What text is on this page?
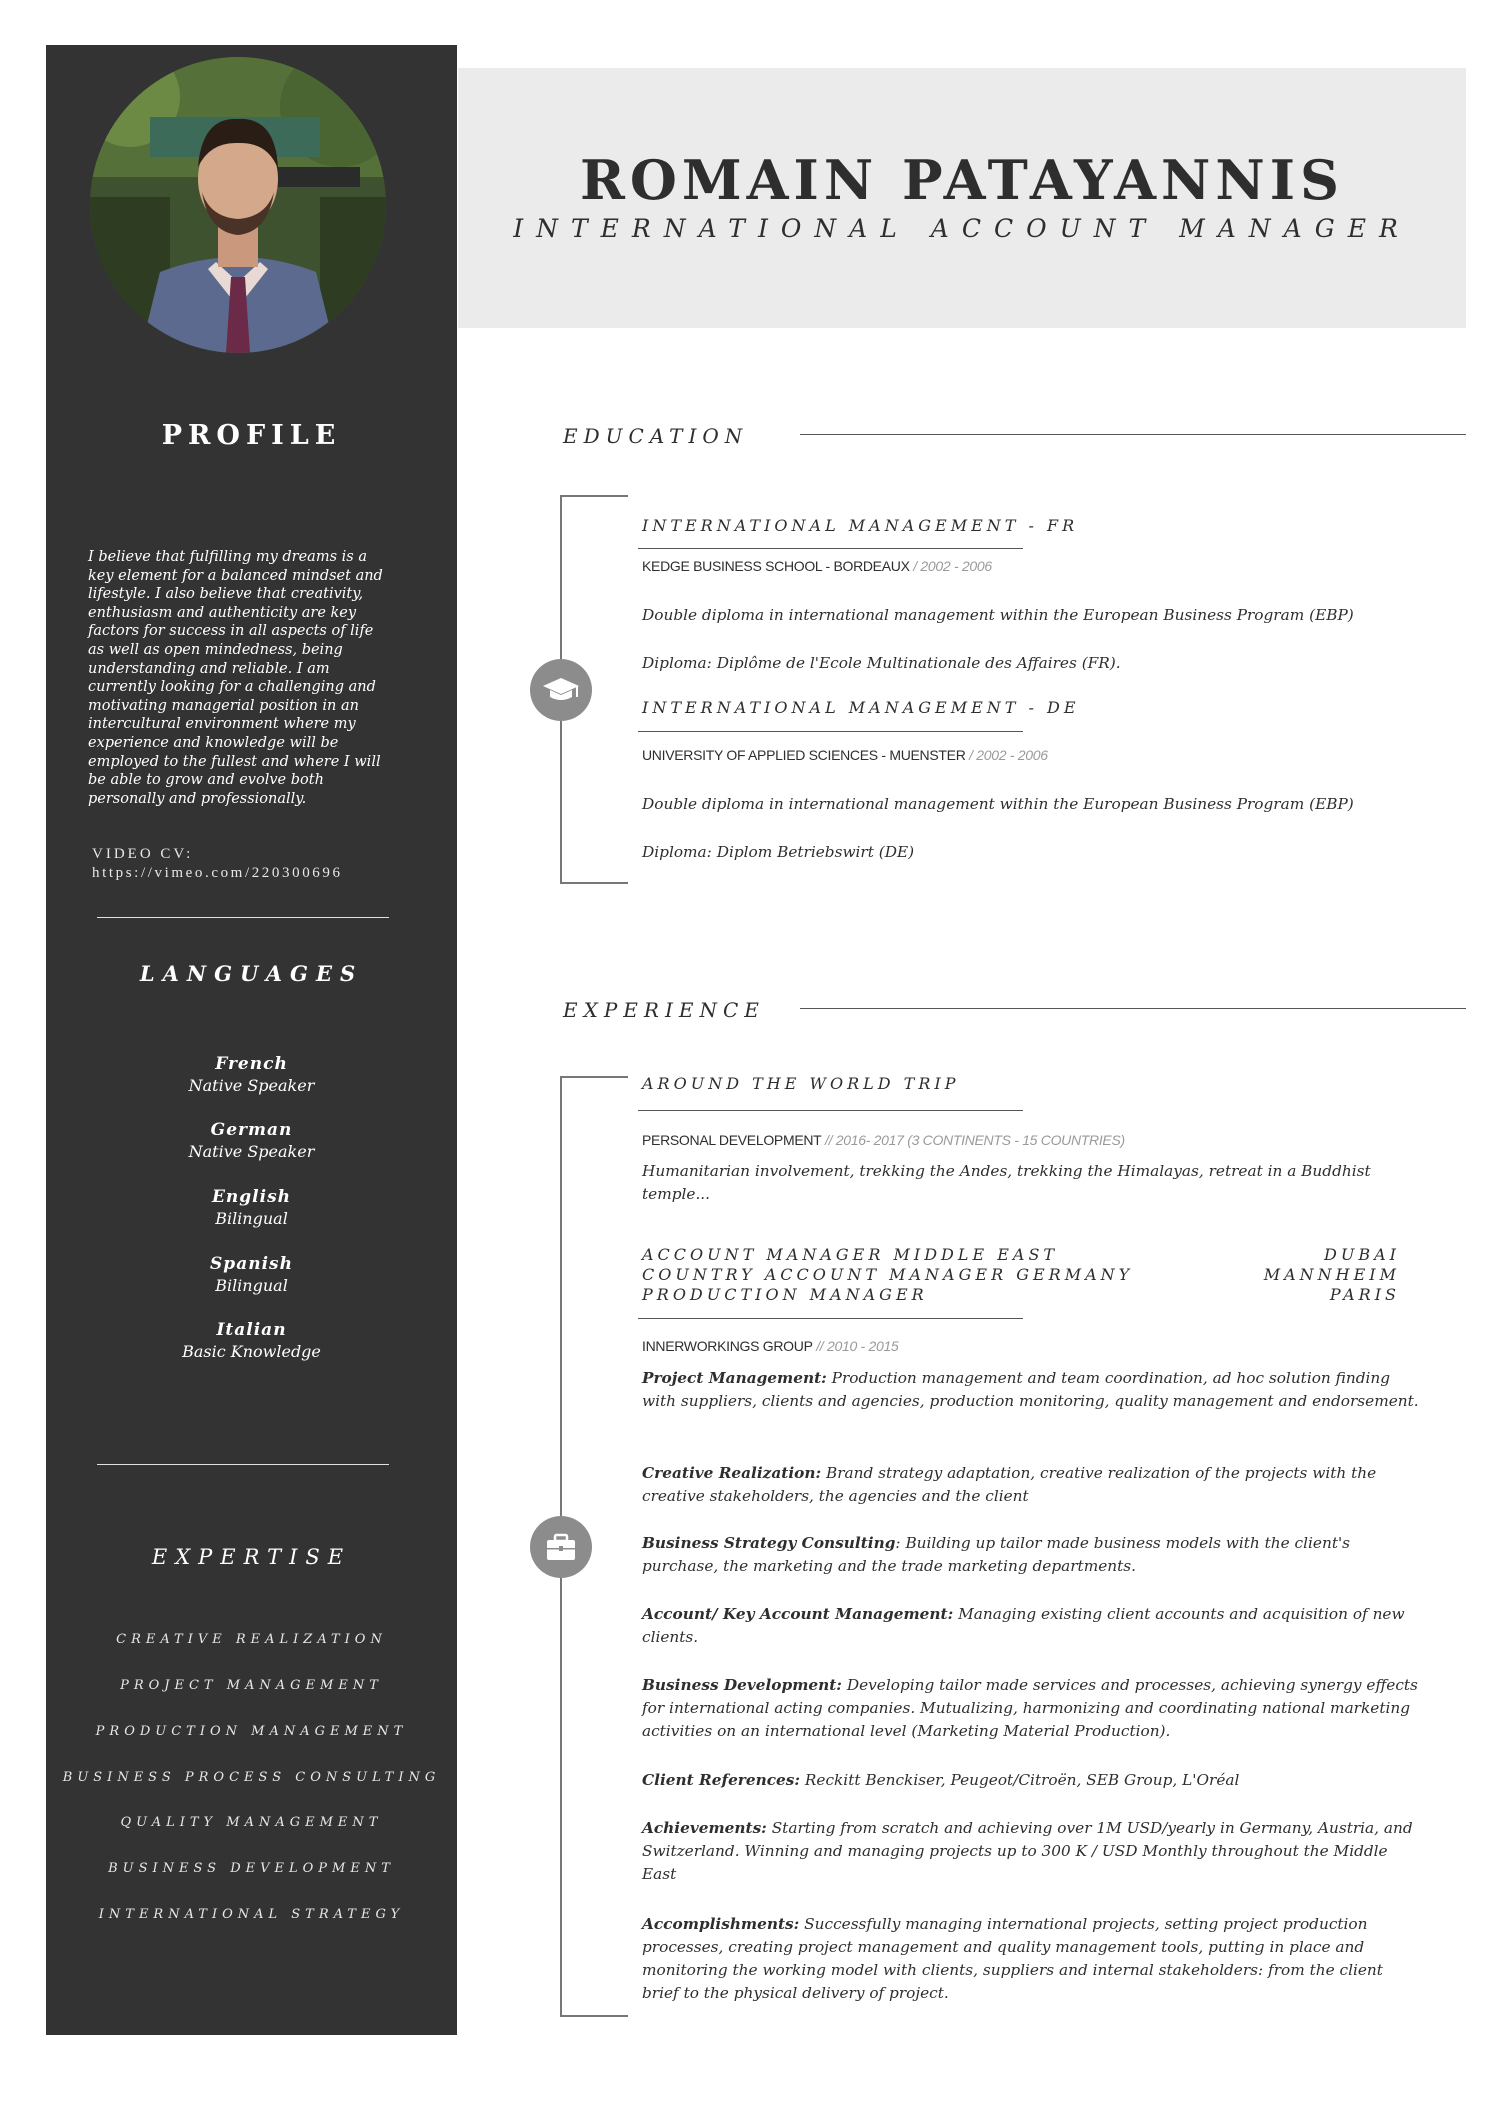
PROFILE
I believe that fulfilling my dreams is a key element for a balanced mindset and lifestyle. I also believe that creativity, enthusiasm and authenticity are key factors for success in all aspects of life as well as open mindedness, being understanding and reliable. I am currently looking for a challenging and motivating managerial position in an intercultural environment where my experience and knowledge will be employed to the fullest and where I will be able to grow and evolve both personally and professionally.
VIDEO CV:
https://vimeo.com/220300696
LANGUAGES
French
Native Speaker
German
Native Speaker
English
Bilingual
Spanish
Bilingual
Italian
Basic Knowledge
EXPERTISE
CREATIVE REALIZATION
PROJECT MANAGEMENT
PRODUCTION MANAGEMENT
BUSINESS PROCESS CONSULTING
QUALITY MANAGEMENT
BUSINESS DEVELOPMENT
INTERNATIONAL STRATEGY
ROMAIN PATAYANNIS
INTERNATIONAL ACCOUNT MANAGER
EDUCATION
INTERNATIONAL MANAGEMENT - FR
KEDGE BUSINESS SCHOOL - BORDEAUX / 2002 - 2006
Double diploma in international management within the European Business Program (EBP)
Diploma: Diplôme de l'Ecole Multinationale des Affaires (FR).
INTERNATIONAL MANAGEMENT - DE
UNIVERSITY OF APPLIED SCIENCES - MUENSTER / 2002 - 2006
Double diploma in international management within the European Business Program (EBP)
Diploma: Diplom Betriebswirt (DE)
EXPERIENCE
AROUND THE WORLD TRIP
PERSONAL DEVELOPMENT // 2016- 2017 (3 CONTINENTS - 15 COUNTRIES)
Humanitarian involvement, trekking the Andes, trekking the Himalayas, retreat in a Buddhist temple...
ACCOUNT MANAGER MIDDLE EAST
COUNTRY ACCOUNT MANAGER GERMANY
PRODUCTION MANAGER
DUBAI
MANNHEIM
PARIS
INNERWORKINGS GROUP // 2010 - 2015
Project Management: Production management and team coordination, ad hoc solution finding with suppliers, clients and agencies, production monitoring, quality management and endorsement.
Creative Realization: Brand strategy adaptation, creative realization of the projects with the creative stakeholders, the agencies and the client
Business Strategy Consulting: Building up tailor made business models with the client's purchase, the marketing and the trade marketing departments.
Account/ Key Account Management: Managing existing client accounts and acquisition of new clients.
Business Development: Developing tailor made services and processes, achieving synergy effects for international acting companies. Mutualizing, harmonizing and coordinating national marketing activities on an international level (Marketing Material Production).
Client References: Reckitt Benckiser, Peugeot/Citroën, SEB Group, L'Oréal
Achievements: Starting from scratch and achieving over 1M USD/yearly in Germany, Austria, and Switzerland. Winning and managing projects up to 300 K / USD Monthly throughout the Middle East
Accomplishments: Successfully managing international projects, setting project production processes, creating project management and quality management tools, putting in place and monitoring the working model with clients, suppliers and internal stakeholders: from the client brief to the physical delivery of project.
